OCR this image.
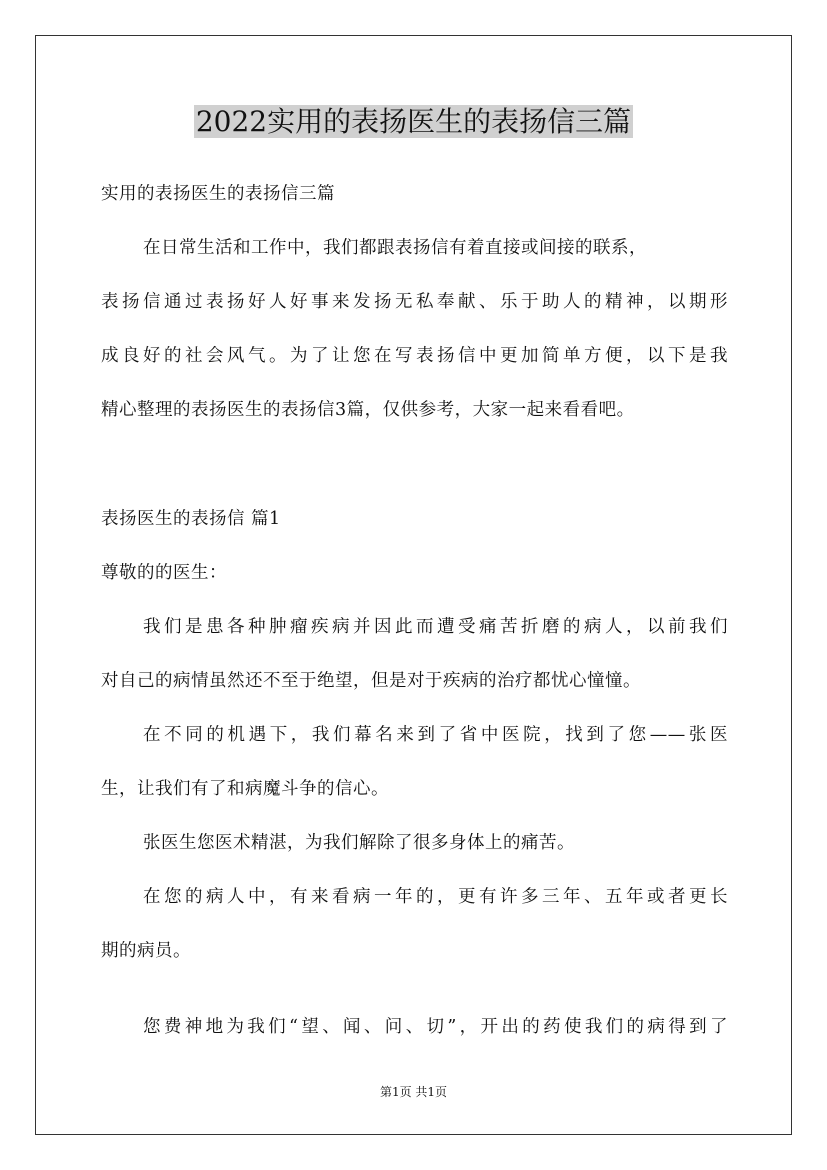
2022实用的表扬医生的表扬信三篇
实用的表扬医生的表扬信三篇
在日常生活和工作中，我们都跟表扬信有着直接或间接的联系，
表扬信通过表扬好人好事来发扬无私奉献、乐于助人的精神，以期形
成良好的社会风气。为了让您在写表扬信中更加简单方便，以下是我
精心整理的表扬医生的表扬信3篇，仅供参考，大家一起来看看吧。
表扬医生的表扬信 篇1
尊敬的的医生：
我们是患各种肿瘤疾病并因此而遭受痛苦折磨的病人，以前我们
对自己的病情虽然还不至于绝望，但是对于疾病的治疗都忧心憧憧。
在不同的机遇下，我们幕名来到了省中医院，找到了您——张医
生，让我们有了和病魔斗争的信心。
张医生您医术精湛，为我们解除了很多身体上的痛苦。
在您的病人中，有来看病一年的，更有许多三年、五年或者更长
期的病员。
您费神地为我们“望、闻、问、切”，开出的药使我们的病得到了
第1页 共1页
